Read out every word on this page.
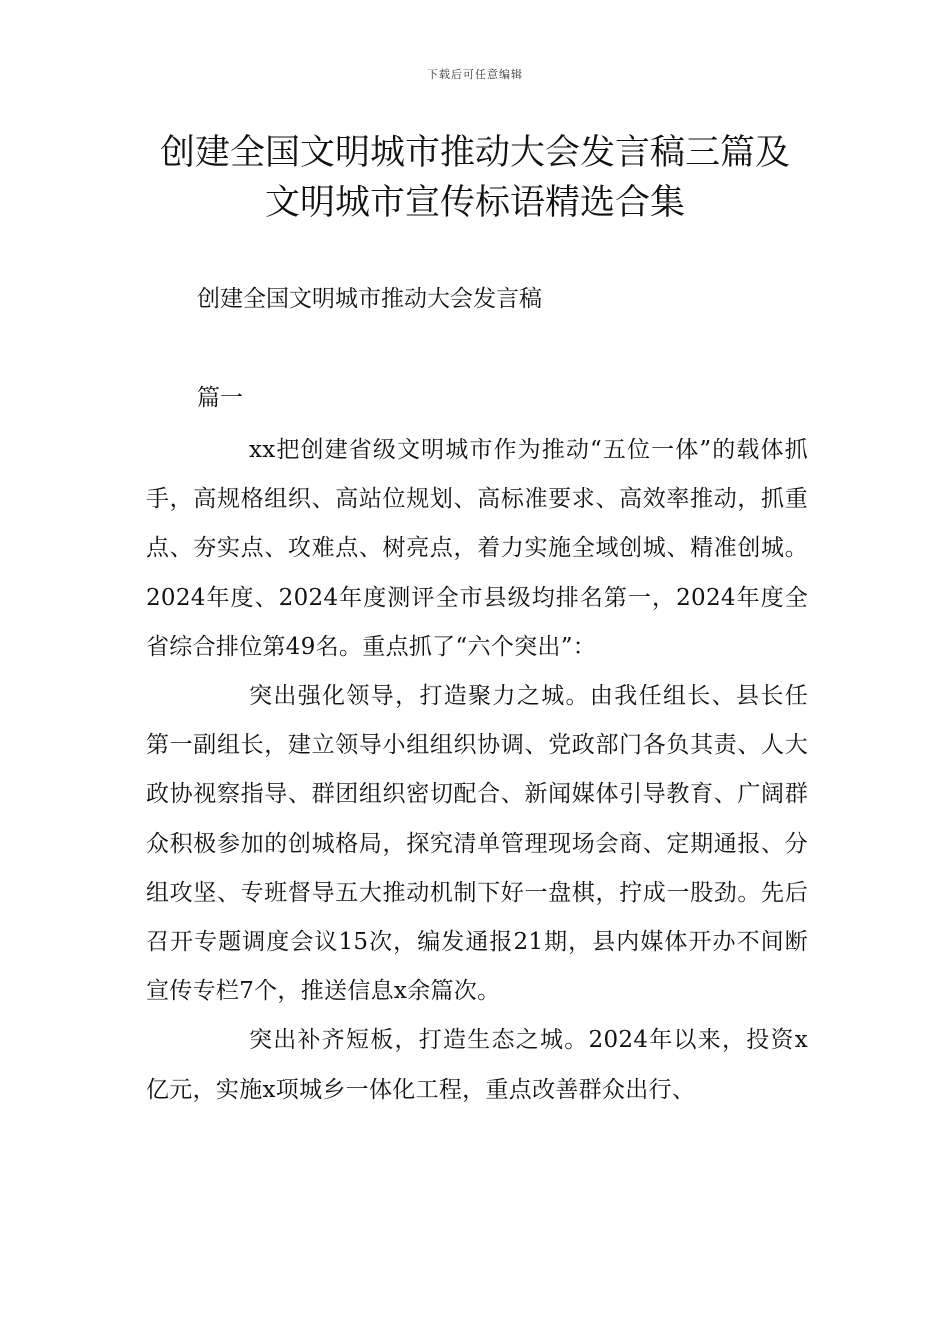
下载后可任意编辑
创建全国文明城市推动大会发言稿三篇及
文明城市宣传标语精选合集

创建全国文明城市推动大会发言稿

篇一

xx把创建省级文明城市作为推动“五位一体”的载体抓手，高规格组织、高站位规划、高标准要求、高效率推动，抓重点、夯实点、攻难点、树亮点，着力实施全域创城、精准创城。2024年度、2024年度测评全市县级均排名第一，2024年度全省综合排位第49名。重点抓了“六个突出”：

突出强化领导，打造聚力之城。由我任组长、县长任第一副组长，建立领导小组组织协调、党政部门各负其责、人大政协视察指导、群团组织密切配合、新闻媒体引导教育、广阔群众积极参加的创城格局，探究清单管理现场会商、定期通报、分组攻坚、专班督导五大推动机制下好一盘棋，拧成一股劲。先后召开专题调度会议15次，编发通报21期，县内媒体开办不间断宣传专栏7个，推送信息x余篇次。

突出补齐短板，打造生态之城。2024年以来，投资x亿元，实施x项城乡一体化工程，重点改善群众出行、
